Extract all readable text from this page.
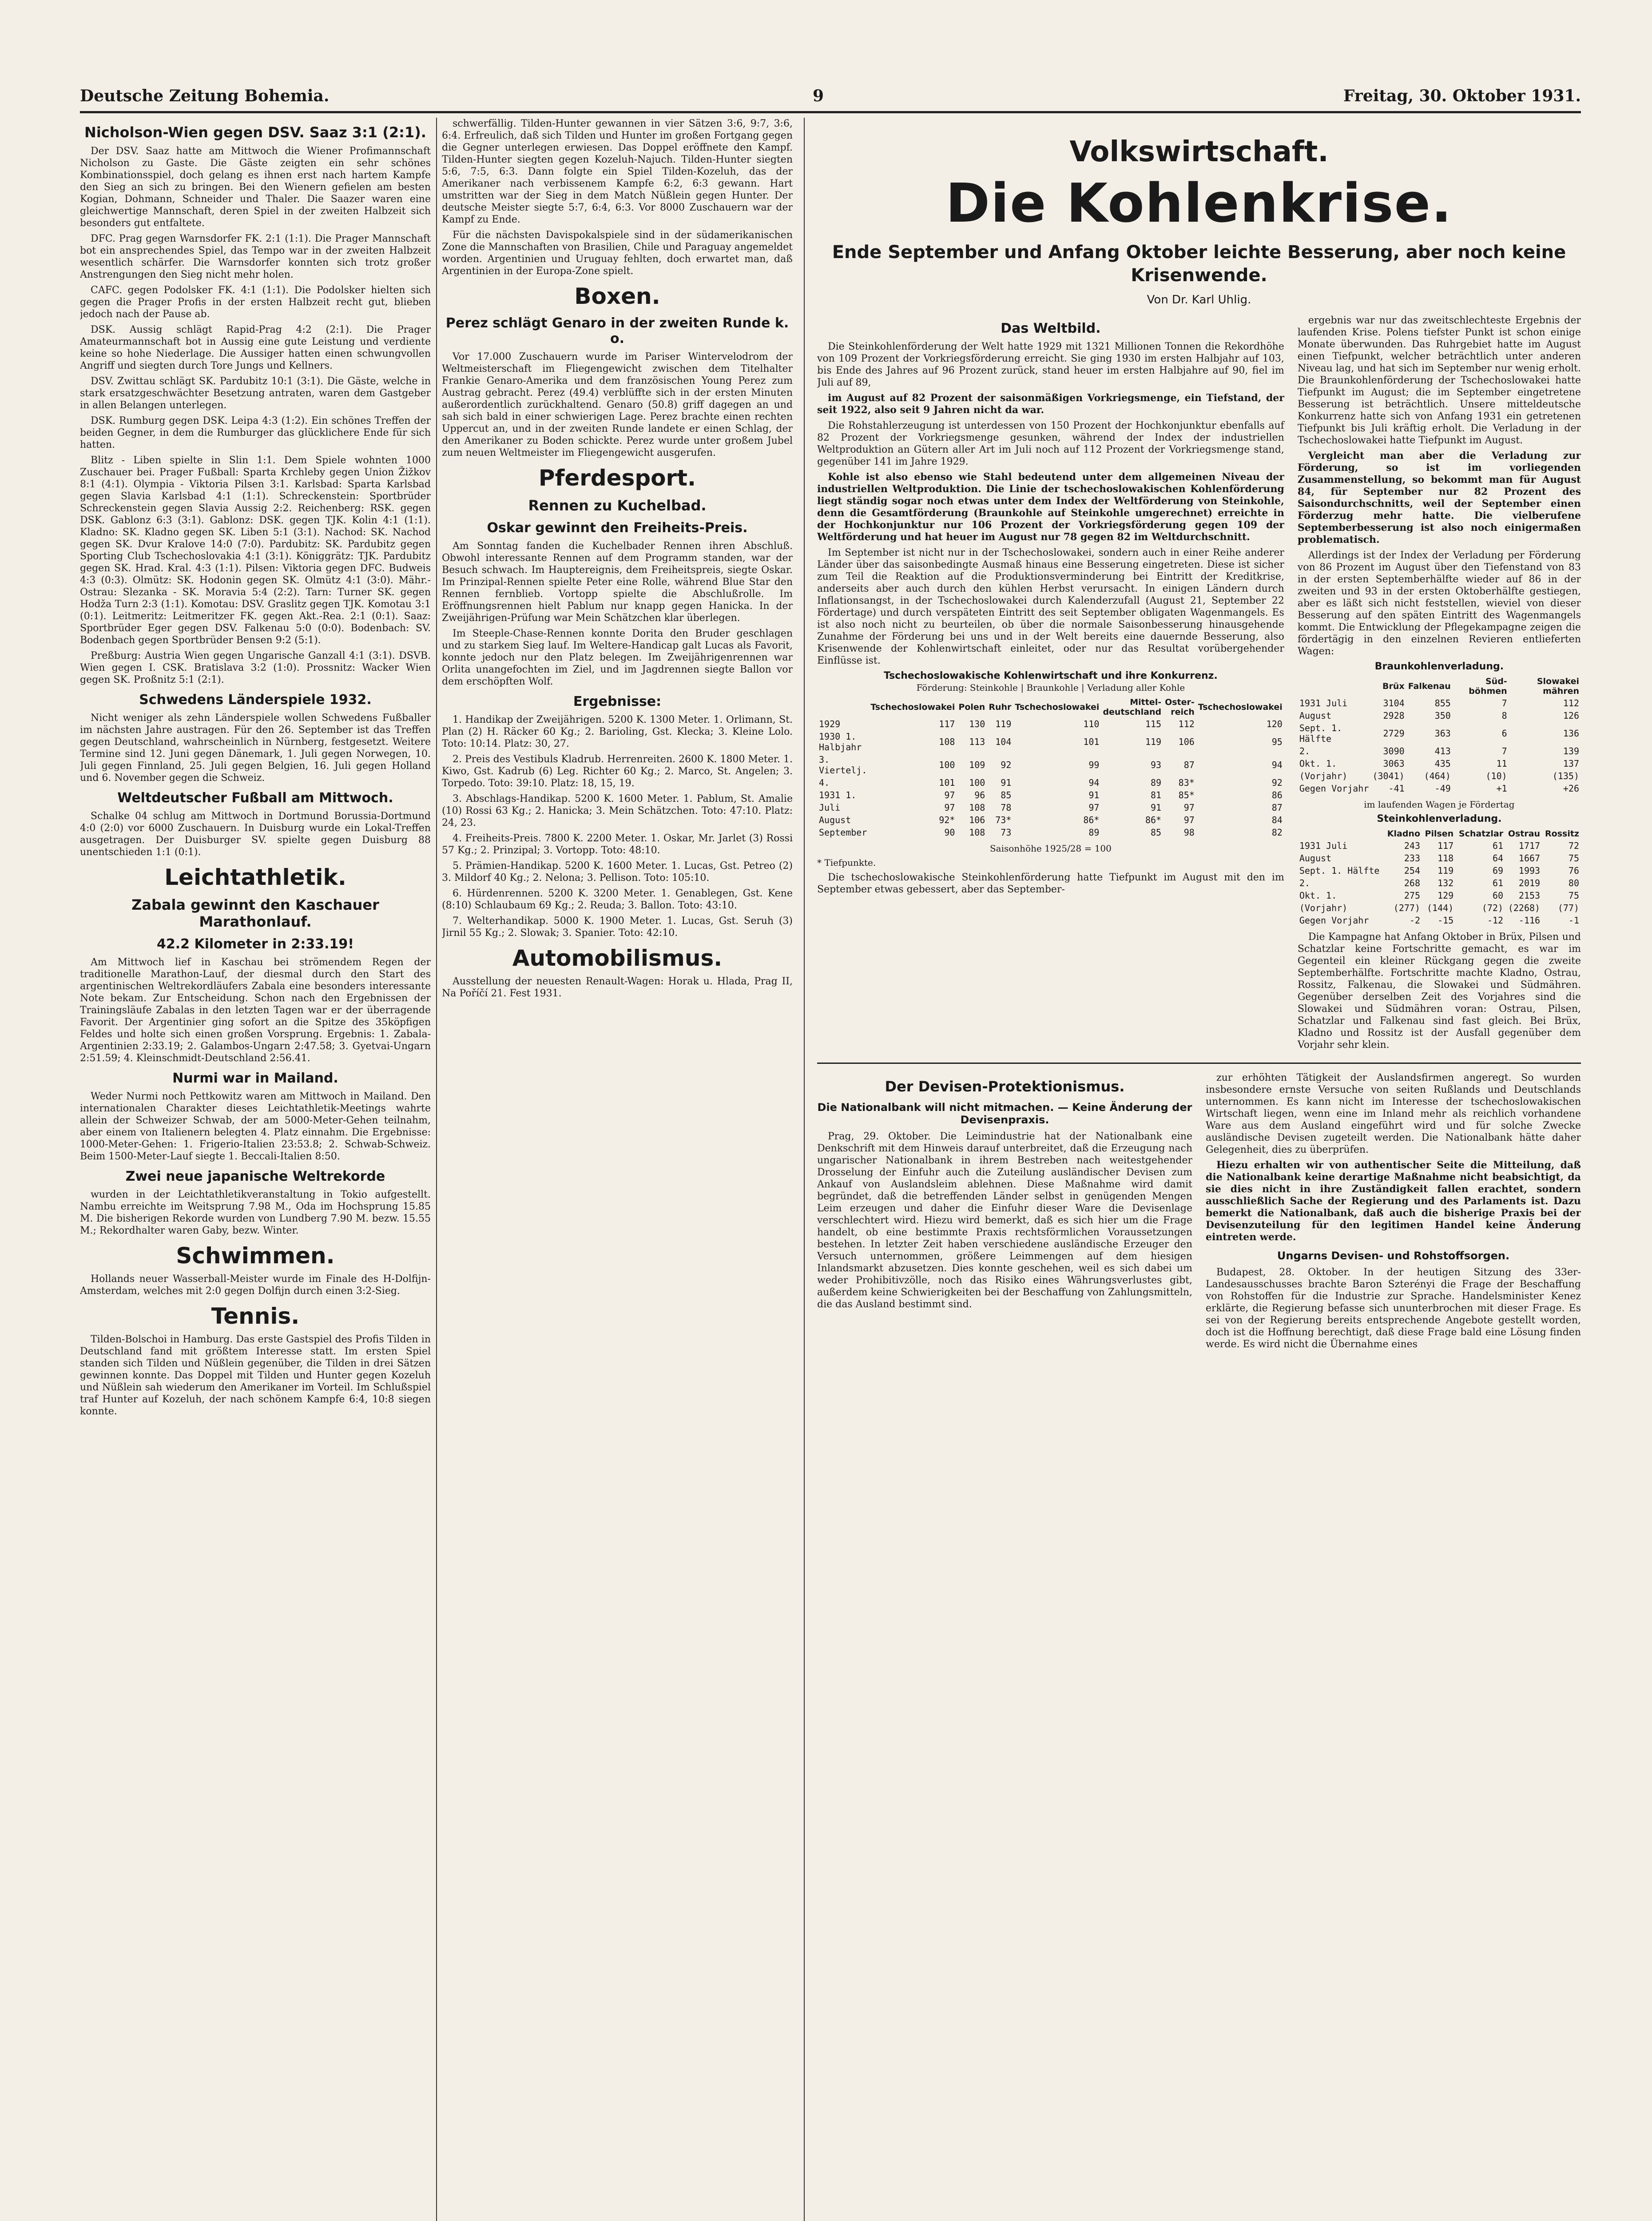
Deutsche Zeitung Bohemia.	9	Freitag, 30. Oktober 1931.
Nicholson-Wien gegen DSV. Saaz 3:1 (2:1).

Der DSV. Saaz hatte am Mittwoch die Wiener Profimannschaft Nicholson zu Gaste. Die Gäste zeigten ein sehr schönes Kombinationsspiel, doch gelang es ihnen erst nach hartem Kampfe den Sieg an sich zu bringen. Bei den Wienern gefielen am besten Kogian, Dohmann, Schneider und Thaler. Die Saazer waren eine gleichwertige Mannschaft, deren Spiel in der zweiten Halbzeit sich besonders gut entfaltete.

DFC. Prag gegen Warnsdorfer FK. 2:1 (1:1). Die Prager Mannschaft bot ein ansprechendes Spiel, das Tempo war in der zweiten Halbzeit wesentlich schärfer. Die Warnsdorfer konnten sich trotz großer Anstrengungen den Sieg nicht mehr holen.

CAFC. gegen Podolsker FK. 4:1 (1:1). Die Podolsker hielten sich gegen die Prager Profis in der ersten Halbzeit recht gut, blieben jedoch nach der Pause ab.

DSK. Aussig schlägt Rapid-Prag 4:2 (2:1). Die Prager Amateurmannschaft bot in Aussig eine gute Leistung und verdiente keine so hohe Niederlage. Die Aussiger hatten einen schwungvollen Angriff und siegten durch Tore Jungs und Kellners.

DSV. Zwittau schlägt SK. Pardubitz 10:1 (3:1). Die Gäste, welche in stark ersatzgeschwächter Besetzung antraten, waren dem Gastgeber in allen Belangen unterlegen.

DSK. Rumburg gegen DSK. Leipa 4:3 (1:2). Ein schönes Treffen der beiden Gegner, in dem die Rumburger das glücklichere Ende für sich hatten.

Blitz - Liben spielte in Slin 1:1. Dem Spiele wohnten 1000 Zuschauer bei. Prager Fußball: Sparta Krchleby gegen Union Žižkov 8:1 (4:1). Olympia - Viktoria Pilsen 3:1. Karlsbad: Sparta Karlsbad gegen Slavia Karlsbad 4:1 (1:1). Schreckenstein: Sportbrüder Schreckenstein gegen Slavia Aussig 2:2. Reichenberg: RSK. gegen DSK. Gablonz 6:3 (3:1). Gablonz: DSK. gegen TJK. Kolin 4:1 (1:1). Kladno: SK. Kladno gegen SK. Liben 5:1 (3:1). Nachod: SK. Nachod gegen SK. Dvur Kralove 14:0 (7:0). Pardubitz: SK. Pardubitz gegen Sporting Club Tschechoslovakia 4:1 (3:1). Königgrätz: TJK. Pardubitz gegen SK. Hrad. Kral. 4:3 (1:1). Pilsen: Viktoria gegen DFC. Budweis 4:3 (0:3). Olmütz: SK. Hodonin gegen SK. Olmütz 4:1 (3:0). Mähr.-Ostrau: Slezanka - SK. Moravia 5:4 (2:2). Tarn: Turner SK. gegen Hodža Turn 2:3 (1:1). Komotau: DSV. Graslitz gegen TJK. Komotau 3:1 (0:1). Leitmeritz: Leitmeritzer FK. gegen Akt.-Rea. 2:1 (0:1). Saaz: Sportbrüder Eger gegen DSV. Falkenau 5:0 (0:0). Bodenbach: SV. Bodenbach gegen Sportbrüder Bensen 9:2 (5:1).

Preßburg: Austria Wien gegen Ungarische Ganzall 4:1 (3:1). DSVB. Wien gegen I. CSK. Bratislava 3:2 (1:0). Prossnitz: Wacker Wien gegen SK. Proßnitz 5:1 (2:1).

Schwedens Länderspiele 1932.

Nicht weniger als zehn Länderspiele wollen Schwedens Fußballer im nächsten Jahre austragen. Für den 26. September ist das Treffen gegen Deutschland, wahrscheinlich in Nürnberg, festgesetzt. Weitere Termine sind 12. Juni gegen Dänemark, 1. Juli gegen Norwegen, 10. Juli gegen Finnland, 25. Juli gegen Belgien, 16. Juli gegen Holland und 6. November gegen die Schweiz.

Weltdeutscher Fußball am Mittwoch.

Schalke 04 schlug am Mittwoch in Dortmund Borussia-Dortmund 4:0 (2:0) vor 6000 Zuschauern. In Duisburg wurde ein Lokal-Treffen ausgetragen. Der Duisburger SV. spielte gegen Duisburg 88 unentschieden 1:1 (0:1).

Leichtathletik.
Zabala gewinnt den Kaschauer Marathonlauf.
42.2 Kilometer in 2:33.19!

Am Mittwoch lief in Kaschau bei strömendem Regen der traditionelle Marathon-Lauf, der diesmal durch den Start des argentinischen Weltrekordläufers Zabala eine besonders interessante Note bekam. Zur Entscheidung. Schon nach den Ergebnissen der Trainingsläufe Zabalas in den letzten Tagen war er der überragende Favorit. Der Argentinier ging sofort an die Spitze des 35köpfigen Feldes und holte sich einen großen Vorsprung. Ergebnis: 1. Zabala-Argentinien 2:33.19; 2. Galambos-Ungarn 2:47.58; 3. Gyetvai-Ungarn 2:51.59; 4. Kleinschmidt-Deutschland 2:56.41.

Nurmi war in Mailand.

Weder Nurmi noch Pettkowitz waren am Mittwoch in Mailand. Den internationalen Charakter dieses Leichtathletik-Meetings wahrte allein der Schweizer Schwab, der am 5000-Meter-Gehen teilnahm, aber einem von Italienern belegten 4. Platz einnahm. Die Ergebnisse: 1000-Meter-Gehen: 1. Frigerio-Italien 23:53.8; 2. Schwab-Schweiz. Beim 1500-Meter-Lauf siegte 1. Beccali-Italien 8:50.

Zwei neue japanische Weltrekorde

wurden in der Leichtathletikveranstaltung in Tokio aufgestellt. Nambu erreichte im Weitsprung 7.98 M., Oda im Hochsprung 15.85 M. Die bisherigen Rekorde wurden von Lundberg 7.90 M. bezw. 15.55 M.; Rekordhalter waren Gaby, bezw. Winter.

Schwimmen.

Hollands neuer Wasserball-Meister wurde im Finale des H-Dolfijn-Amsterdam, welches mit 2:0 gegen Dolfijn durch einen 3:2-Sieg.

Tennis.

Tilden-Bolschoi in Hamburg. Das erste Gastspiel des Profis Tilden in Deutschland fand mit größtem Interesse statt. Im ersten Spiel standen sich Tilden und Nüßlein gegenüber, die Tilden in drei Sätzen gewinnen konnte. Das Doppel mit Tilden und Hunter gegen Kozeluh und Nüßlein sah wiederum den Amerikaner im Vorteil. Im Schlußspiel traf Hunter auf Kozeluh, der nach schönem Kampfe 6:4, 10:8 siegen konnte.

schwerfällig. Tilden-Hunter gewannen in vier Sätzen 3:6, 9:7, 3:6, 6:4. Erfreulich, daß sich Tilden und Hunter im großen Fortgang gegen die Gegner unterlegen erwiesen. Das Doppel eröffnete den Kampf. Tilden-Hunter siegten gegen Kozeluh-Najuch. Tilden-Hunter siegten 5:6, 7:5, 6:3. Dann folgte ein Spiel Tilden-Kozeluh, das der Amerikaner nach verbissenem Kampfe 6:2, 6:3 gewann. Hart umstritten war der Sieg in dem Match Nüßlein gegen Hunter. Der deutsche Meister siegte 5:7, 6:4, 6:3. Vor 8000 Zuschauern war der Kampf zu Ende.

Für die nächsten Davispokalspiele sind in der südamerikanischen Zone die Mannschaften von Brasilien, Chile und Paraguay angemeldet worden. Argentinien und Uruguay fehlten, doch erwartet man, daß Argentinien in der Europa-Zone spielt.

Boxen.
Perez schlägt Genaro in der zweiten Runde k. o.

Vor 17.000 Zuschauern wurde im Pariser Wintervelodrom der Weltmeisterschaft im Fliegengewicht zwischen dem Titelhalter Frankie Genaro-Amerika und dem französischen Young Perez zum Austrag gebracht. Perez (49.4) verblüffte sich in der ersten Minuten außerordentlich zurückhaltend. Genaro (50.8) griff dagegen an und sah sich bald in einer schwierigen Lage. Perez brachte einen rechten Uppercut an, und in der zweiten Runde landete er einen Schlag, der den Amerikaner zu Boden schickte. Perez wurde unter großem Jubel zum neuen Weltmeister im Fliegengewicht ausgerufen.

Pferdesport.
Rennen zu Kuchelbad.
Oskar gewinnt den Freiheits-Preis.

Am Sonntag fanden die Kuchelbader Rennen ihren Abschluß. Obwohl interessante Rennen auf dem Programm standen, war der Besuch schwach. Im Hauptereignis, dem Freiheitspreis, siegte Oskar. Im Prinzipal-Rennen spielte Peter eine Rolle, während Blue Star den Rennen fernblieb. Vortopp spielte die Abschlußrolle. Im Eröffnungsrennen hielt Pablum nur knapp gegen Hanicka. In der Zweijährigen-Prüfung war Mein Schätzchen klar überlegen.

Im Steeple-Chase-Rennen konnte Dorita den Bruder geschlagen und zu starkem Sieg lauf. Im Weltere-Handicap galt Lucas als Favorit, konnte jedoch nur den Platz belegen. Im Zweijährigenrennen war Orlita unangefochten im Ziel, und im Jagdrennen siegte Ballon vor dem erschöpften Wolf.

Ergebnisse:

1. Handikap der Zweijährigen. 5200 K. 1300 Meter. 1. Orlimann, St. Plan (2) H. Räcker 60 Kg.; 2. Barioling, Gst. Klecka; 3. Kleine Lolo. Toto: 10:14. Platz: 30, 27.

2. Preis des Vestibuls Kladrub. Herrenreiten. 2600 K. 1800 Meter. 1. Kiwo, Gst. Kadrub (6) Leg. Richter 60 Kg.; 2. Marco, St. Angelen; 3. Torpedo. Toto: 39:10. Platz: 18, 15, 19.

3. Abschlags-Handikap. 5200 K. 1600 Meter. 1. Pablum, St. Amalie (10) Rossi 63 Kg.; 2. Hanicka; 3. Mein Schätzchen. Toto: 47:10. Platz: 24, 23.

4. Freiheits-Preis. 7800 K. 2200 Meter. 1. Oskar, Mr. Jarlet (3) Rossi 57 Kg.; 2. Prinzipal; 3. Vortopp. Toto: 48:10.

5. Prämien-Handikap. 5200 K. 1600 Meter. 1. Lucas, Gst. Petreo (2) 3. Mildorf 40 Kg.; 2. Nelona; 3. Pellison. Toto: 105:10.

6. Hürdenrennen. 5200 K. 3200 Meter. 1. Genablegen, Gst. Kene (8:10) Schlaubaum 69 Kg.; 2. Reuda; 3. Ballon. Toto: 43:10.

7. Welterhandikap. 5000 K. 1900 Meter. 1. Lucas, Gst. Seruh (3) Jirnil 55 Kg.; 2. Slowak; 3. Spanier. Toto: 42:10.

Automobilismus.

Ausstellung der neuesten Renault-Wagen: Horak u. Hlada, Prag II, Na Poříčí 21. Fest 1931.

Volkswirtschaft.
Die Kohlenkrise.
Ende September und Anfang Oktober leichte Besserung, aber noch keine Krisenwende.
Von Dr. Karl Uhlig.
Das Weltbild.

Die Steinkohlenförderung der Welt hatte 1929 mit 1321 Millionen Tonnen die Rekordhöhe von 109 Prozent der Vorkriegsförderung erreicht. Sie ging 1930 im ersten Halbjahr auf 103, bis Ende des Jahres auf 96 Prozent zurück, stand heuer im ersten Halbjahre auf 90, fiel im Juli auf 89,

im August auf 82 Prozent der saisonmäßigen Vorkriegsmenge, ein Tiefstand, der seit 1922, also seit 9 Jahren nicht da war.

Die Rohstahlerzeugung ist unterdessen von 150 Prozent der Hochkonjunktur ebenfalls auf 82 Prozent der Vorkriegsmenge gesunken, während der Index der industriellen Weltproduktion an Gütern aller Art im Juli noch auf 112 Prozent der Vorkriegsmenge stand, gegenüber 141 im Jahre 1929.

Kohle ist also ebenso wie Stahl bedeutend unter dem allgemeinen Niveau der industriellen Weltproduktion. Die Linie der tschechoslowakischen Kohlenförderung liegt ständig sogar noch etwas unter dem Index der Weltförderung von Steinkohle, denn die Gesamtförderung (Braunkohle auf Steinkohle umgerechnet) erreichte in der Hochkonjunktur nur 106 Prozent der Vorkriegsförderung gegen 109 der Weltförderung und hat heuer im August nur 78 gegen 82 im Weltdurchschnitt.

Im September ist nicht nur in der Tschechoslowakei, sondern auch in einer Reihe anderer Länder über das saisonbedingte Ausmaß hinaus eine Besserung eingetreten. Diese ist sicher zum Teil die Reaktion auf die Produktionsverminderung bei Eintritt der Kreditkrise, anderseits aber auch durch den kühlen Herbst verursacht. In einigen Ländern durch Inflationsangst, in der Tschechoslowakei durch Kalenderzufall (August 21, September 22 Fördertage) und durch verspäteten Eintritt des seit September obligaten Wagenmangels. Es ist also noch nicht zu beurteilen, ob über die normale Saisonbesserung hinausgehende Zunahme der Förderung bei uns und in der Welt bereits eine dauernde Besserung, also Krisenwende der Kohlenwirtschaft einleitet, oder nur das Resultat vorübergehender Einflüsse ist.

Tschechoslowakische Kohlenwirtschaft und ihre Konkurrenz.
Förderung: Steinkohle | Braunkohle | Verladung aller Kohle
	Tschechoslowakei	Polen	Ruhr	Tschechoslowakei	Mittel-deutschland	Oster-reich	Tschechoslowakei
1929	117	130	119	110	115	112	120
1930 1. Halbjahr	108	113	104	101	119	106	95
3. Viertelj.	100	109	92	99	93	87	94
4.	101	100	91	94	89	83*	92
1931 1.	97	96	85	91	81	85*	86
Juli	97	108	78	97	91	97	87
August	92*	106	73*	86*	86*	97	84
September	90	108	73	89	85	98	82
Saisonhöhe 1925/28 = 100
* Tiefpunkte.

Die tschechoslowakische Steinkohlenförderung hatte Tiefpunkt im August mit den im September etwas gebessert, aber das September-

ergebnis war nur das zweitschlechteste Ergebnis der laufenden Krise. Polens tiefster Punkt ist schon einige Monate überwunden. Das Ruhrgebiet hatte im August einen Tiefpunkt, welcher beträchtlich unter anderen Niveau lag, und hat sich im September nur wenig erholt. Die Braunkohlenförderung der Tschechoslowakei hatte Tiefpunkt im August; die im September eingetretene Besserung ist beträchtlich. Unsere mitteldeutsche Konkurrenz hatte sich von Anfang 1931 ein getretenen Tiefpunkt bis Juli kräftig erholt. Die Verladung in der Tschechoslowakei hatte Tiefpunkt im August.

Vergleicht man aber die Verladung zur Förderung, so ist im vorliegenden Zusammenstellung, so bekommt man für August 84, für September nur 82 Prozent des Saisondurchschnitts, weil der September einen Förderzug mehr hatte. Die vielberufene Septemberbesserung ist also noch einigermaßen problematisch.

Allerdings ist der Index der Verladung per Förderung von 86 Prozent im August über den Tiefenstand von 83 in der ersten Septemberhälfte wieder auf 86 in der zweiten und 93 in der ersten Oktoberhälfte gestiegen, aber es läßt sich nicht feststellen, wieviel von dieser Besserung auf den späten Eintritt des Wagenmangels kommt. Die Entwicklung der Pflegekampagne zeigen die fördertägig in den einzelnen Revieren entlieferten Wagen:

Braunkohlenverladung.
	Brüx	Falkenau	Süd-böhmen	Slowakei mähren
1931 Juli	3104	855	7	112
August	2928	350	8	126
Sept. 1. Hälfte	2729	363	6	136
2.	3090	413	7	139
Okt. 1.	3063	435	11	137
(Vorjahr)	(3041)	(464)	(10)	(135)
Gegen Vorjahr	-41	-49	+1	+26
im laufenden Wagen je Fördertag
Steinkohlenverladung.
	Kladno	Pilsen	Schatzlar	Ostrau	Rossitz
1931 Juli	243	117	61	1717	72
August	233	118	64	1667	75
Sept. 1. Hälfte	254	119	69	1993	76
2.	268	132	61	2019	80
Okt. 1.	275	129	60	2153	75
(Vorjahr)	(277)	(144)	(72)	(2268)	(77)
Gegen Vorjahr	-2	-15	-12	-116	-1

Die Kampagne hat Anfang Oktober in Brüx, Pilsen und Schatzlar keine Fortschritte gemacht, es war im Gegenteil ein kleiner Rückgang gegen die zweite Septemberhälfte. Fortschritte machte Kladno, Ostrau, Rossitz, Falkenau, die Slowakei und Südmähren. Gegenüber derselben Zeit des Vorjahres sind die Slowakei und Südmähren voran: Ostrau, Pilsen, Schatzlar und Falkenau sind fast gleich. Bei Brüx, Kladno und Rossitz ist der Ausfall gegenüber dem Vorjahr sehr klein.

Der Devisen-Protektionismus.
Die Nationalbank will nicht mitmachen. — Keine Änderung der Devisenpraxis.

Prag, 29. Oktober. Die Leimindustrie hat der Nationalbank eine Denkschrift mit dem Hinweis darauf unterbreitet, daß die Erzeugung nach ungarischer Nationalbank in ihrem Bestreben nach weitestgehender Drosselung der Einfuhr auch die Zuteilung ausländischer Devisen zum Ankauf von Auslandsleim ablehnen. Diese Maßnahme wird damit begründet, daß die betreffenden Länder selbst in genügenden Mengen Leim erzeugen und daher die Einfuhr dieser Ware die Devisenlage verschlechtert wird. Hiezu wird bemerkt, daß es sich hier um die Frage handelt, ob eine bestimmte Praxis rechtsförmlichen Voraussetzungen bestehen. In letzter Zeit haben verschiedene ausländische Erzeuger den Versuch unternommen, größere Leimmengen auf dem hiesigen Inlandsmarkt abzusetzen. Dies konnte geschehen, weil es sich dabei um weder Prohibitivzölle, noch das Risiko eines Währungsverlustes gibt, außerdem keine Schwierigkeiten bei der Beschaffung von Zahlungsmitteln, die das Ausland bestimmt sind.

zur erhöhten Tätigkeit der Auslandsfirmen angeregt. So wurden insbesondere ernste Versuche von seiten Rußlands und Deutschlands unternommen. Es kann nicht im Interesse der tschechoslowakischen Wirtschaft liegen, wenn eine im Inland mehr als reichlich vorhandene Ware aus dem Ausland eingeführt wird und für solche Zwecke ausländische Devisen zugeteilt werden. Die Nationalbank hätte daher Gelegenheit, dies zu überprüfen.

Hiezu erhalten wir von authentischer Seite die Mitteilung, daß die Nationalbank keine derartige Maßnahme nicht beabsichtigt, da sie dies nicht in ihre Zuständigkeit fallen erachtet, sondern ausschließlich Sache der Regierung und des Parlaments ist. Dazu bemerkt die Nationalbank, daß auch die bisherige Praxis bei der Devisenzuteilung für den legitimen Handel keine Änderung eintreten werde.

Ungarns Devisen- und Rohstoffsorgen.

Budapest, 28. Oktober. In der heutigen Sitzung des 33er-Landesausschusses brachte Baron Szterényi die Frage der Beschaffung von Rohstoffen für die Industrie zur Sprache. Handelsminister Kenez erklärte, die Regierung befasse sich ununterbrochen mit dieser Frage. Es sei von der Regierung bereits entsprechende Angebote gestellt worden, doch ist die Hoffnung berechtigt, daß diese Frage bald eine Lösung finden werde. Es wird nicht die Übernahme eines
